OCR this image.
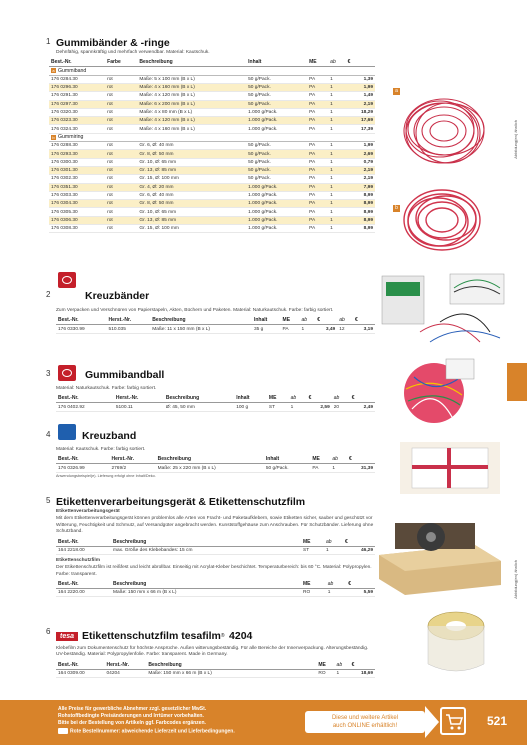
1 Gummibänder & -ringe
Dehnfähig, spannkräftig und mehrfach verwendbar. Material: Kautschuk.
Best.-Nr.	Farbe	Beschreibung	Inhalt	ME	ab	€
a Gummiband						
176 0284.30	rot	Maße: 5 x 100 mm (B x L)	50 g/Pack.	PA	1	1,39
176 0296.30	rot	Maße: 4 x 160 mm (B x L)	50 g/Pack.	PA	1	1,99
176 0291.30	rot	Maße: 4 x 120 mm (B x L)	50 g/Pack.	PA	1	1,49
176 0297.30	rot	Maße: 6 x 200 mm (B x L)	50 g/Pack.	PA	1	2,19
176 0320.30	rot	Maße: 4 x 80 mm (B x L)	1.000 g/Pack.	PA	1	18,29
176 0323.30	rot	Maße: 4 x 120 mm (B x L)	1.000 g/Pack.	PA	1	17,69
176 0324.30	rot	Maße: 4 x 160 mm (B x L)	1.000 g/Pack.	PA	1	17,39
b Gummiring						
176 0288.30	rot	Gr. 6, Ø: 40 mm	50 g/Pack.	PA	1	1,99
176 0293.30	rot	Gr. 8, Ø: 50 mm	50 g/Pack.	PA	1	2,69
176 0300.30	rot	Gr. 10, Ø: 65 mm	50 g/Pack.	PA	1	0,79
176 0301.30	rot	Gr. 13, Ø: 85 mm	50 g/Pack.	PA	1	2,19
176 0302.30	rot	Gr. 15, Ø: 100 mm	50 g/Pack.	PA	1	2,19
176 0351.30	rot	Gr. 4, Ø: 20 mm	1.000 g/Pack.	PA	1	7,99
176 0303.30	rot	Gr. 6, Ø: 40 mm	1.000 g/Pack.	PA	1	8,99
176 0304.30	rot	Gr. 8, Ø: 50 mm	1.000 g/Pack.	PA	1	8,99
176 0305.30	rot	Gr. 10, Ø: 65 mm	1.000 g/Pack.	PA	1	8,99
176 0306.30	rot	Gr. 13, Ø: 85 mm	1.000 g/Pack.	PA	1	8,99
176 0308.30	rot	Gr. 15, Ø: 100 mm	1.000 g/Pack.	PA	1	8,99
2	Kreuzbänder
Zum Verpacken und Verschnüren von Papierstapeln, Akten, Büchern und Paketen. Material: Naturkautschuk. Farbe: farbig sortiert.
Best.-Nr.	Herst.-Nr.	Beschreibung	Inhalt	ME	ab	€	ab	€
176 0330.99	510.035	Maße: 11 x 150 mm (B x L)	35 g	PA	1	3,49	12	3,19
3	Gummibandball
Material: Naturkautschuk. Farbe: farbig sortiert.
Best.-Nr.	Herst.-Nr.	Beschreibung	Inhalt	ME	ab	€	ab	€
176 0402.92	5100.11	Ø: 45, 50 mm	100 g	ST	1	2,59	20	2,49
4	Kreuzband
Material: Kautschuk. Farbe: farbig sortiert.
Best.-Nr.	Herst.-Nr.	Beschreibung	Inhalt	ME	ab	€
176 0326.99	2769/2	Maße: 25 x 220 mm (B x L)	50 g/Pack.	PA	1	31,39
Anwendungsbeispiel(e). Lieferung erfolgt ohne Inhalt/Deko.
5 Etikettenverarbeitungsgerät & Etikettenschutzfilm
Etikettenverarbeitungsgerät
Mit dem Etikettenverarbeitungsgerät können problemlos alle Arten von Fracht- und Paketaufklebern, sowie Etiketten sicher, sauber und geschützt vor Witterung, Feuchtigkeit und Schmutz, auf Versandgüter angebracht werden. Kunststoffgehäuse zum Anschrauben. Für Schutzbänder. Lieferung ohne Schutzband.
Best.-Nr.	Beschreibung	ME	ab	€
164 2218.00	max. Größe des Klebebandes: 15 cm	ST	1	46,29
Etikettenschutzfilm
Der Etikettenschutzfilm ist reißfest und leicht abrollbar. Einseitig mit Acrylat-Kleber beschichtet. Temperaturbereich: bis 60 °C. Material: Polypropylen. Farbe: transparent.
Best.-Nr.	Beschreibung	ME	ab	€
164 2220.00	Maße: 150 mm x 66 m (B x L)	RO	1	5,59
6	tesa Etikettenschutzfilm tesafilm ®
4204
Klebefilm zum Dokumentenschutz für höchste Ansprüche. Außen witterungsbeständig. Für alle Bereiche der Innenverpackung. Alterungsbeständig. UV-beständig. Material: Polypropylenfolie. Farbe: transparent. Made in Germany.
Best.-Nr.	Herst.-Nr.	Beschreibung	ME	ab	€
164 0309.00	04204	Maße: 150 mm x 66 m (B x L)	RO	1	18,69
a
b
Abbildung(en) ähnlich
Abbildung(en) ähnlich
Alle Preise für gewerbliche Abnehmer zzgl. gesetzlicher MwSt.
Rohstoffbedingte Preisänderungen und Irrtümer vorbehalten.
Bitte bei der Bestellung von Artikeln ggf. Farbcodes ergänzen.
Rote Bestellnummer: abweichende Lieferzeit und Lieferbedingungen.
Diese und weitere Artikel
auch ONLINE erhältlich!	521
